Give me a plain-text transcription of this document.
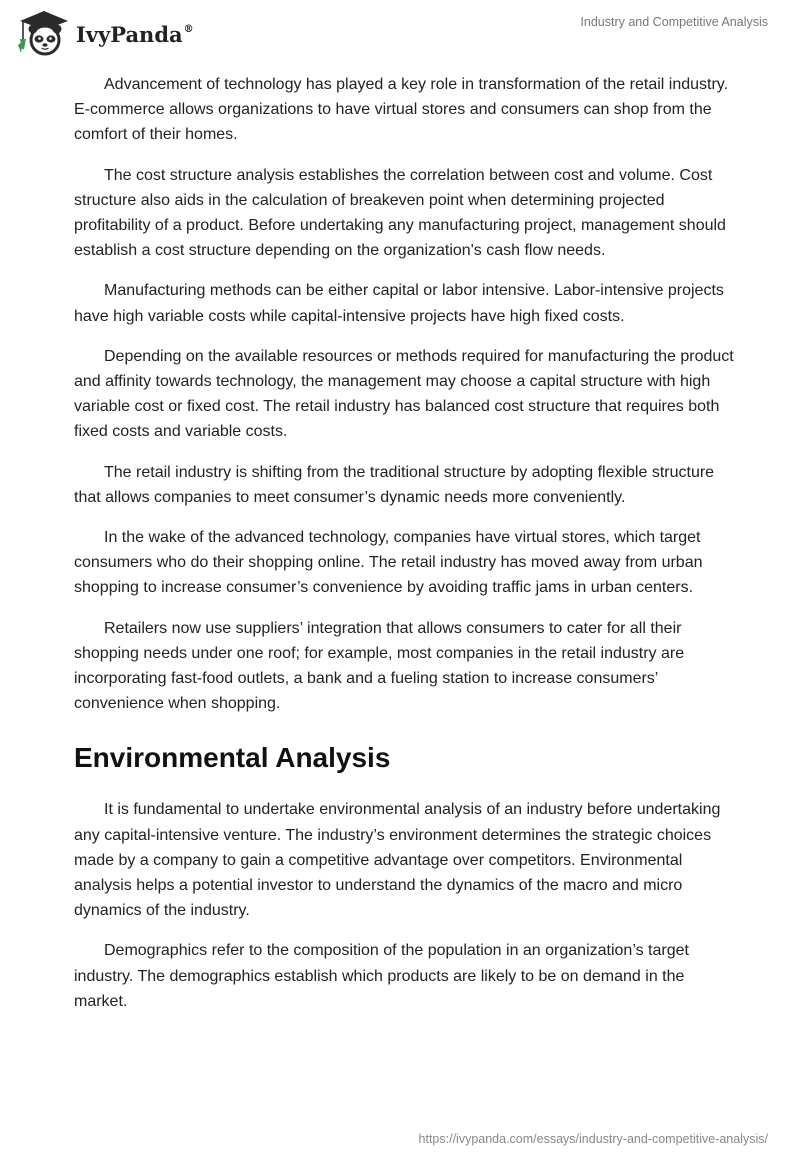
IvyPanda®	Industry and Competitive Analysis

Advancement of technology has played a key role in transformation of the retail industry. E-commerce allows organizations to have virtual stores and consumers can shop from the comfort of their homes.

The cost structure analysis establishes the correlation between cost and volume. Cost structure also aids in the calculation of breakeven point when determining projected profitability of a product. Before undertaking any manufacturing project, management should establish a cost structure depending on the organization's cash flow needs.

Manufacturing methods can be either capital or labor intensive. Labor-intensive projects have high variable costs while capital-intensive projects have high fixed costs.

Depending on the available resources or methods required for manufacturing the product and affinity towards technology, the management may choose a capital structure with high variable cost or fixed cost. The retail industry has balanced cost structure that requires both fixed costs and variable costs.

The retail industry is shifting from the traditional structure by adopting flexible structure that allows companies to meet consumer’s dynamic needs more conveniently.

In the wake of the advanced technology, companies have virtual stores, which target consumers who do their shopping online. The retail industry has moved away from urban shopping to increase consumer’s convenience by avoiding traffic jams in urban centers.

Retailers now use suppliers’ integration that allows consumers to cater for all their shopping needs under one roof; for example, most companies in the retail industry are incorporating fast-food outlets, a bank and a fueling station to increase consumers’ convenience when shopping.

Environmental Analysis

It is fundamental to undertake environmental analysis of an industry before undertaking any capital-intensive venture. The industry’s environment determines the strategic choices made by a company to gain a competitive advantage over competitors. Environmental analysis helps a potential investor to understand the dynamics of the macro and micro dynamics of the industry.

Demographics refer to the composition of the population in an organization’s target industry. The demographics establish which products are likely to be on demand in the market.

https://ivypanda.com/essays/industry-and-competitive-analysis/
